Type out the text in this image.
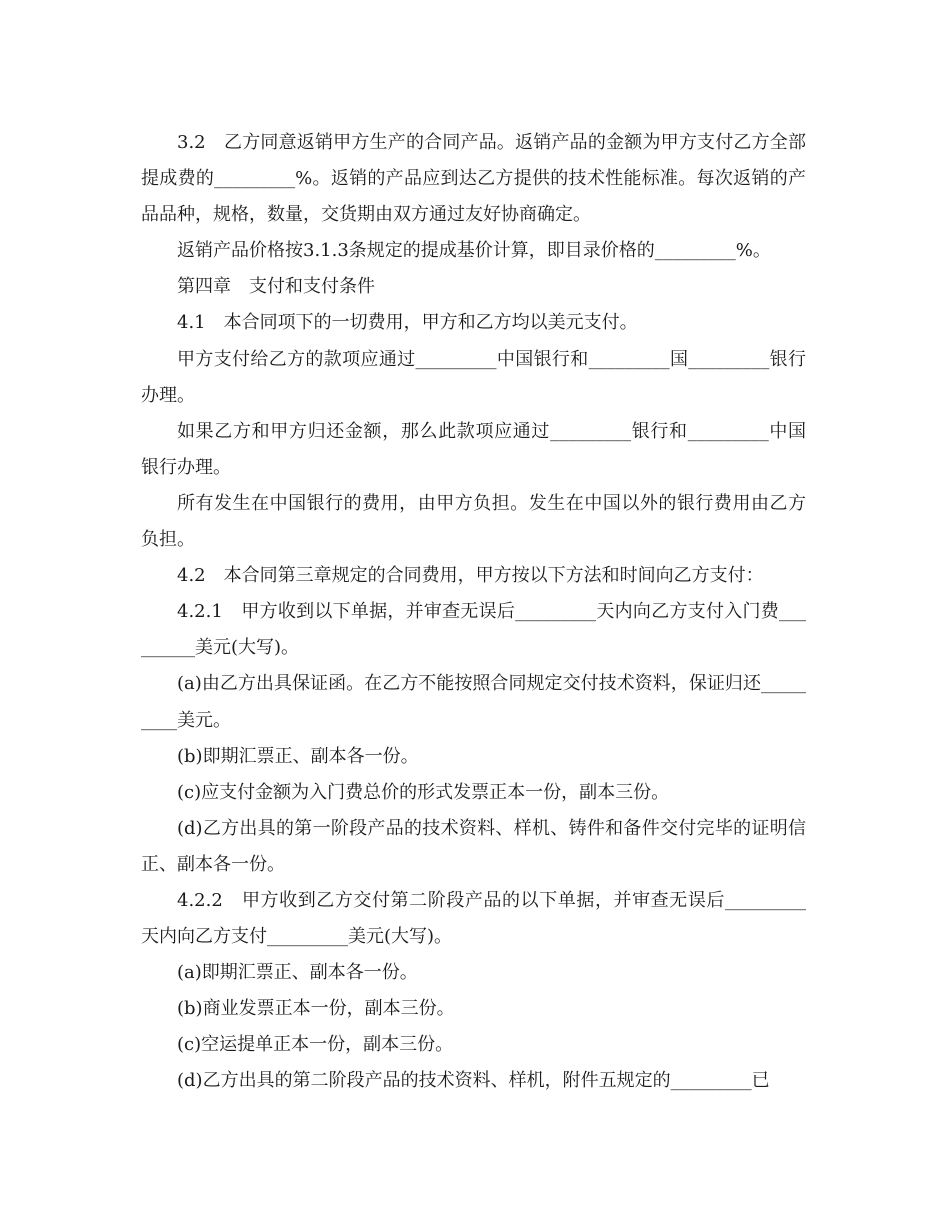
3.2　乙方同意返销甲方生产的合同产品。返销产品的金额为甲方支付乙方全部提成费的_________%。返销的产品应到达乙方提供的技术性能标准。每次返销的产品品种，规格，数量，交货期由双方通过友好协商确定。

返销产品价格按3.1.3条规定的提成基价计算，即目录价格的_________%。

第四章　支付和支付条件

4.1　本合同项下的一切费用，甲方和乙方均以美元支付。

甲方支付给乙方的款项应通过_________中国银行和_________国_________银行办理。

如果乙方和甲方归还金额，那么此款项应通过_________银行和_________中国银行办理。

所有发生在中国银行的费用，由甲方负担。发生在中国以外的银行费用由乙方负担。

4.2　本合同第三章规定的合同费用，甲方按以下方法和时间向乙方支付：

4.2.1　甲方收到以下单据，并审查无误后_________天内向乙方支付入门费_________美元(大写)。

(a)由乙方出具保证函。在乙方不能按照合同规定交付技术资料，保证归还_________美元。

(b)即期汇票正、副本各一份。

(c)应支付金额为入门费总价的形式发票正本一份，副本三份。

(d)乙方出具的第一阶段产品的技术资料、样机、铸件和备件交付完毕的证明信正、副本各一份。

4.2.2　甲方收到乙方交付第二阶段产品的以下单据，并审查无误后_________天内向乙方支付_________美元(大写)。

(a)即期汇票正、副本各一份。

(b)商业发票正本一份，副本三份。

(c)空运提单正本一份，副本三份。

(d)乙方出具的第二阶段产品的技术资料、样机，附件五规定的_________已
